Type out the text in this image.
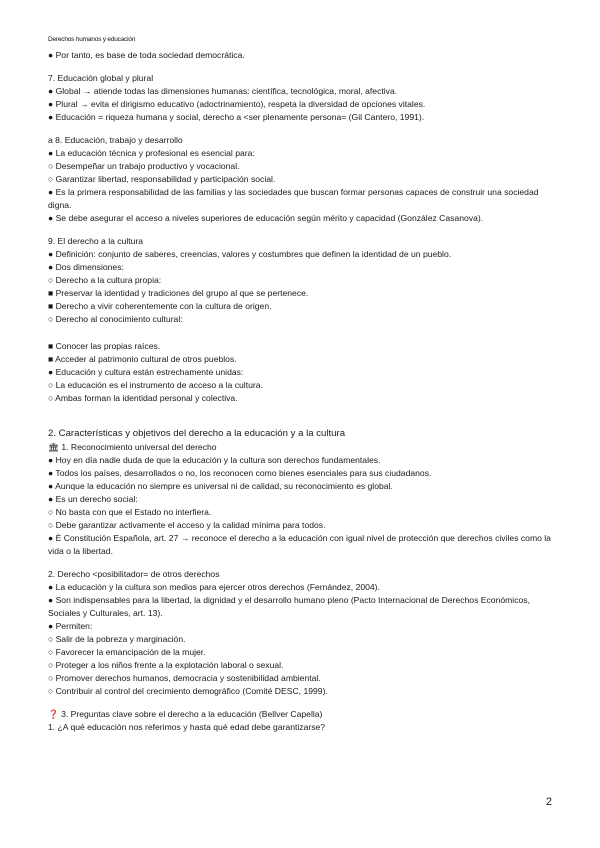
Derechos humanos y educación
● Por tanto, es base de toda sociedad democrática.
7. Educación global y plural
● Global → atiende todas las dimensiones humanas: científica, tecnológica, moral, afectiva.
● Plural → evita el dirigismo educativo (adoctrinamiento), respeta la diversidad de opciones vitales.
● Educación = riqueza humana y social, derecho a <ser plenamente persona= (Gil Cantero, 1991).
a 8. Educación, trabajo y desarrollo
● La educación técnica y profesional es esencial para:
○ Desempeñar un trabajo productivo y vocacional.
○ Garantizar libertad, responsabilidad y participación social.
● Es la primera responsabilidad de las familias y las sociedades que buscan formar personas capaces de construir una sociedad digna.
● Se debe asegurar el acceso a niveles superiores de educación según mérito y capacidad (González Casanova).
9. El derecho a la cultura
● Definición: conjunto de saberes, creencias, valores y costumbres que definen la identidad de un pueblo.
● Dos dimensiones:
○ Derecho a la cultura propia:
■ Preservar la identidad y tradiciones del grupo al que se pertenece.
■ Derecho a vivir coherentemente con la cultura de origen.
○ Derecho al conocimiento cultural:
■ Conocer las propias raíces.
■ Acceder al patrimonio cultural de otros pueblos.
● Educación y cultura están estrechamente unidas:
○ La educación es el instrumento de acceso a la cultura.
○ Ambas forman la identidad personal y colectiva.
2. Características y objetivos del derecho a la educación y a la cultura
🏛 1. Reconocimiento universal del derecho
● Hoy en día nadie duda de que la educación y la cultura son derechos fundamentales.
● Todos los países, desarrollados o no, los reconocen como bienes esenciales para sus ciudadanos.
● Aunque la educación no siempre es universal ni de calidad, su reconocimiento es global.
● Es un derecho social:
○ No basta con que el Estado no interfiera.
○ Debe garantizar activamente el acceso y la calidad mínima para todos.
● È Constitución Española, art. 27 → reconoce el derecho a la educación con igual nivel de protección que derechos civiles como la vida o la libertad.
2. Derecho <posibilitador= de otros derechos
● La educación y la cultura son medios para ejercer otros derechos (Fernández, 2004).
● Son indispensables para la libertad, la dignidad y el desarrollo humano pleno (Pacto Internacional de Derechos Económicos, Sociales y Culturales, art. 13).
● Permiten:
○ Salir de la pobreza y marginación.
○ Favorecer la emancipación de la mujer.
○ Proteger a los niños frente a la explotación laboral o sexual.
○ Promover derechos humanos, democracia y sostenibilidad ambiental.
○ Contribuir al control del crecimiento demográfico (Comité DESC, 1999).
❓ 3. Preguntas clave sobre el derecho a la educación (Bellver Capella)
1. ¿A qué educación nos referimos y hasta qué edad debe garantizarse?
2
